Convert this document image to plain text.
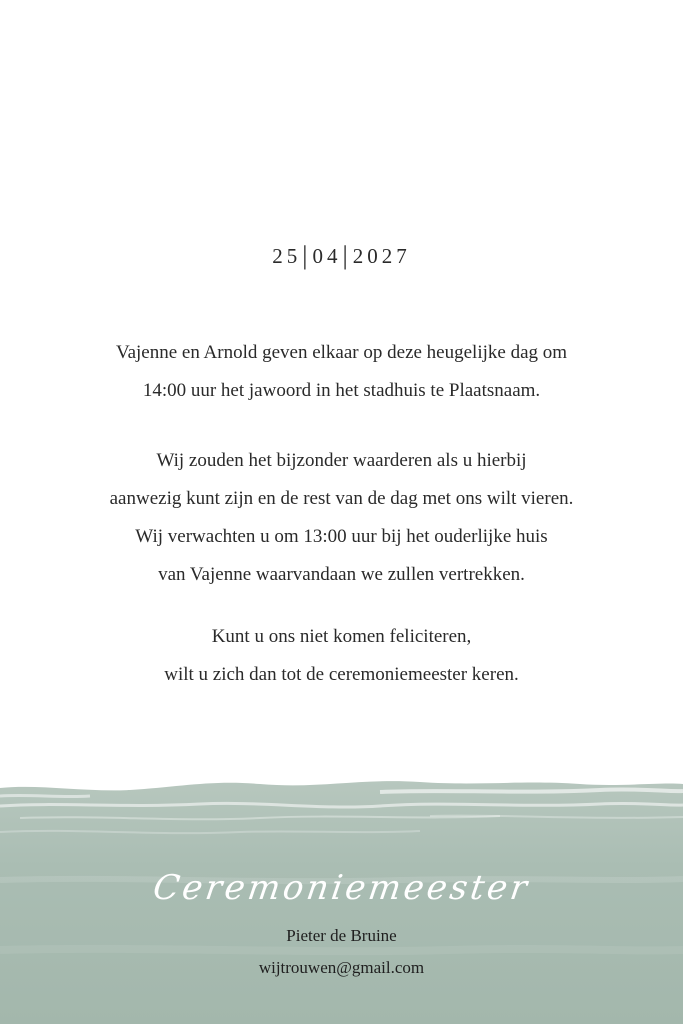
25|04|2027
Vajenne en Arnold geven elkaar op deze heugelijke dag om
14:00 uur het jawoord in het stadhuis te Plaatsnaam.
Wij zouden het bijzonder waarderen als u hierbij
aanwezig kunt zijn en de rest van de dag met ons wilt vieren.
Wij verwachten u om 13:00 uur bij het ouderlijke huis
van Vajenne waarvandaan we zullen vertrekken.
Kunt u ons niet komen feliciteren,
wilt u zich dan tot de ceremoniemeester keren.
Ceremoniemeester
Pieter de Bruine
wijtrouwen@gmail.com
